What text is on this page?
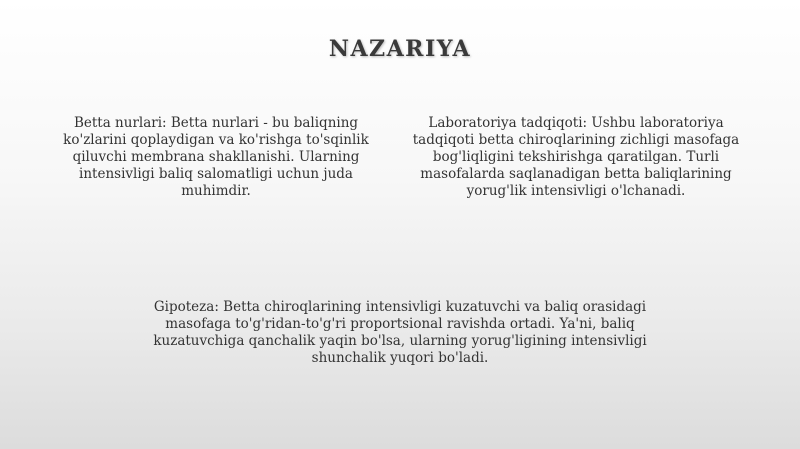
NAZARIYA
Betta nurlari: Betta nurlari - bu baliqning ko'zlarini qoplaydigan va ko'rishga to'sqinlik qiluvchi membrana shakllanishi. Ularning intensivligi baliq salomatligi uchun juda muhimdir.
Laboratoriya tadqiqoti: Ushbu laboratoriya tadqiqoti betta chiroqlarining zichligi masofaga bog'liqligini tekshirishga qaratilgan. Turli masofalarda saqlanadigan betta baliqlarining yorug'lik intensivligi o'lchanadi.
Gipoteza: Betta chiroqlarining intensivligi kuzatuvchi va baliq orasidagi masofaga to'g'ridan-to'g'ri proportsional ravishda ortadi. Ya'ni, baliq kuzatuvchiga qanchalik yaqin bo'lsa, ularning yorug'ligining intensivligi shunchalik yuqori bo'ladi.
